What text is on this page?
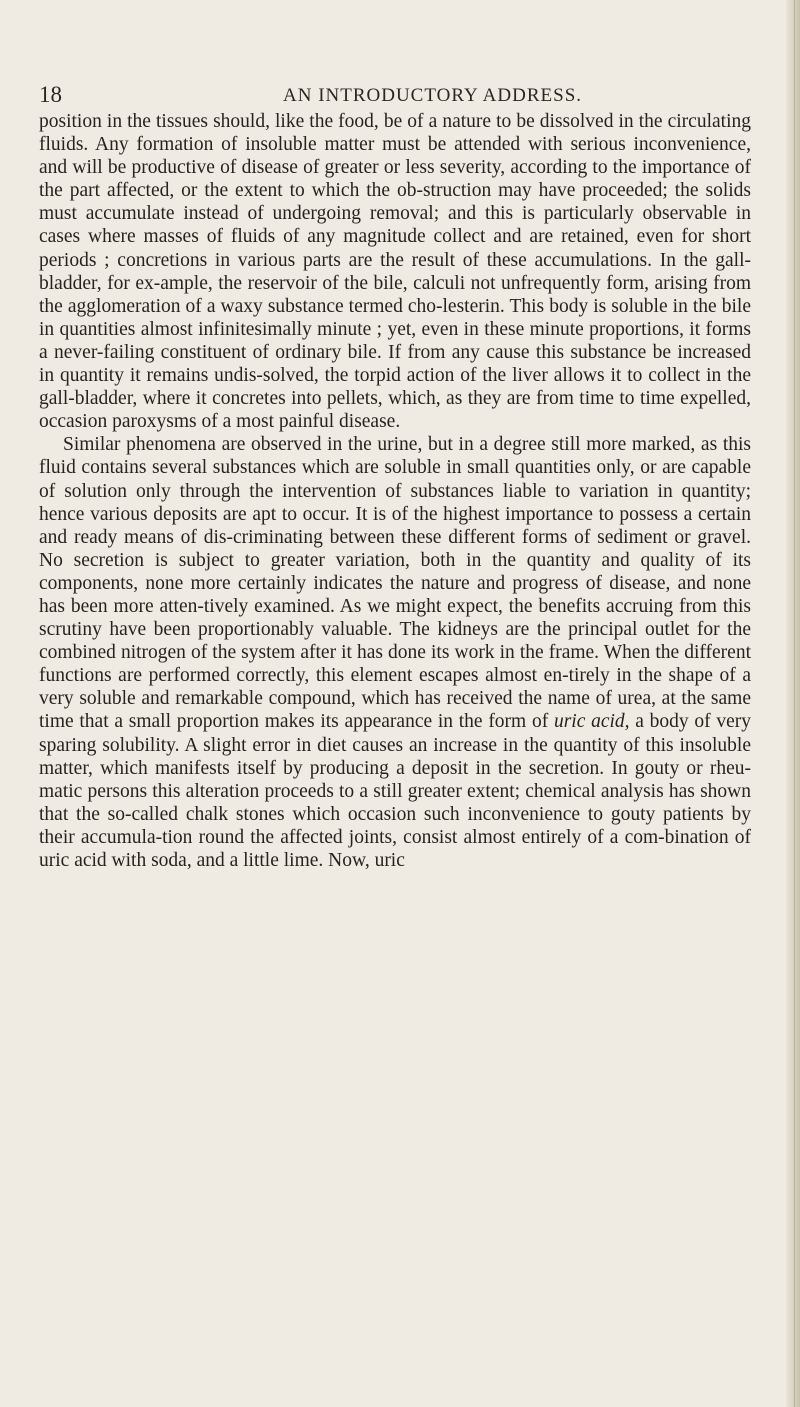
18	AN INTRODUCTORY ADDRESS.

position in the tissues should, like the food, be of a nature to be dissolved in the circulating fluids. Any formation of insoluble matter must be attended with serious inconvenience, and will be productive of disease of greater or less severity, according to the importance of the part affected, or the extent to which the ob-struction may have proceeded; the solids must accumulate instead of undergoing removal; and this is particularly observable in cases where masses of fluids of any magnitude collect and are retained, even for short periods ; concretions in various parts are the result of these accumulations. In the gall-bladder, for ex-ample, the reservoir of the bile, calculi not unfrequently form, arising from the agglomeration of a waxy substance termed cho-lesterin. This body is soluble in the bile in quantities almost infinitesimally minute ; yet, even in these minute proportions, it forms a never-failing constituent of ordinary bile. If from any cause this substance be increased in quantity it remains undis-solved, the torpid action of the liver allows it to collect in the gall-bladder, where it concretes into pellets, which, as they are from time to time expelled, occasion paroxysms of a most painful disease.

Similar phenomena are observed in the urine, but in a degree still more marked, as this fluid contains several substances which are soluble in small quantities only, or are capable of solution only through the intervention of substances liable to variation in quantity; hence various deposits are apt to occur. It is of the highest importance to possess a certain and ready means of dis-criminating between these different forms of sediment or gravel. No secretion is subject to greater variation, both in the quantity and quality of its components, none more certainly indicates the nature and progress of disease, and none has been more atten-tively examined. As we might expect, the benefits accruing from this scrutiny have been proportionably valuable. The kidneys are the principal outlet for the combined nitrogen of the system after it has done its work in the frame. When the different functions are performed correctly, this element escapes almost en-tirely in the shape of a very soluble and remarkable compound, which has received the name of urea, at the same time that a small proportion makes its appearance in the form of uric acid, a body of very sparing solubility. A slight error in diet causes an increase in the quantity of this insoluble matter, which manifests itself by producing a deposit in the secretion. In gouty or rheu-matic persons this alteration proceeds to a still greater extent; chemical analysis has shown that the so-called chalk stones which occasion such inconvenience to gouty patients by their accumula-tion round the affected joints, consist almost entirely of a com-bination of uric acid with soda, and a little lime. Now, uric
